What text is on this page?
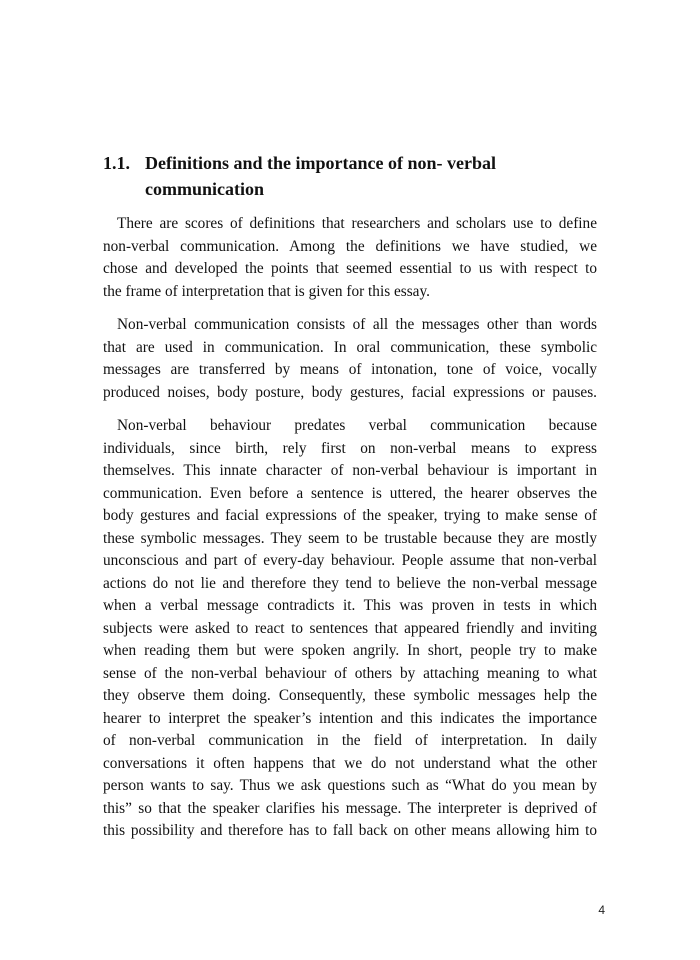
1.1. Definitions and the importance of non- verbal
communication

There are scores of definitions that researchers and scholars use to define
non-verbal communication. Among the definitions we have studied, we
chose and developed the points that seemed essential to us with respect to
the frame of interpretation that is given for this essay.

Non-verbal communication consists of all the messages other than words
that are used in communication. In oral communication, these symbolic
messages are transferred by means of intonation, tone of voice, vocally
produced noises, body posture, body gestures, facial expressions or pauses.

Non-verbal behaviour predates verbal communication because
individuals, since birth, rely first on non-verbal means to express
themselves. This innate character of non-verbal behaviour is important in
communication. Even before a sentence is uttered, the hearer observes the
body gestures and facial expressions of the speaker, trying to make sense of
these symbolic messages. They seem to be trustable because they are mostly
unconscious and part of every-day behaviour. People assume that non-verbal
actions do not lie and therefore they tend to believe the non-verbal message
when a verbal message contradicts it. This was proven in tests in which
subjects were asked to react to sentences that appeared friendly and inviting
when reading them but were spoken angrily. In short, people try to make
sense of the non-verbal behaviour of others by attaching meaning to what
they observe them doing. Consequently, these symbolic messages help the
hearer to interpret the speaker’s intention and this indicates the importance
of non-verbal communication in the field of interpretation. In daily
conversations it often happens that we do not understand what the other
person wants to say. Thus we ask questions such as “What do you mean by
this” so that the speaker clarifies his message. The interpreter is deprived of
this possibility and therefore has to fall back on other means allowing him to

4
